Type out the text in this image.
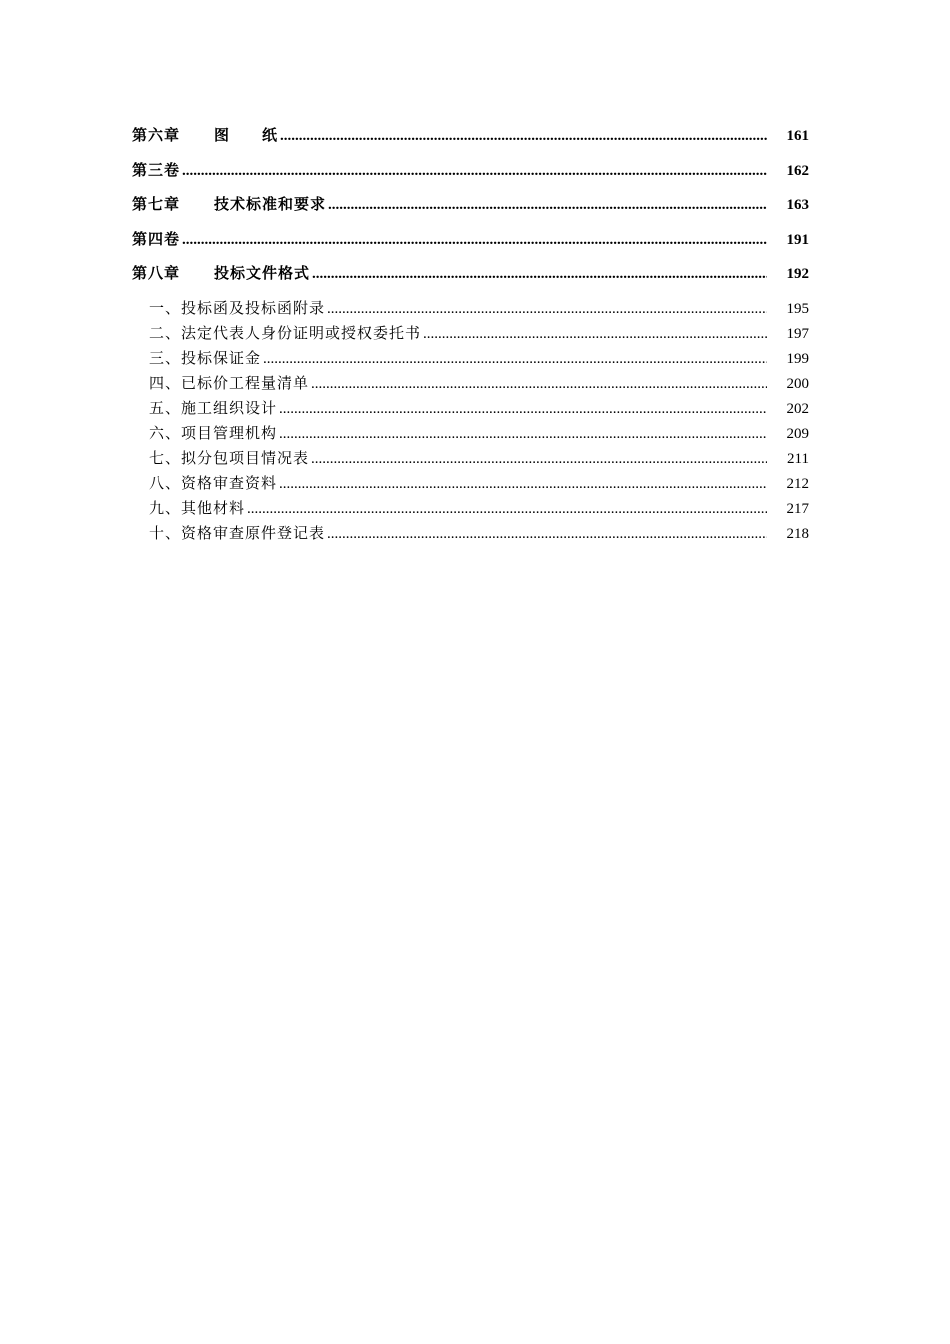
第六章 图　　纸 .....	161
第三卷 .....	162
第七章 技术标准和要求 .....	163
第四卷 .....	191
第八章 投标文件格式 .....	192
一、投标函及投标函附录 .....	195
二、法定代表人身份证明或授权委托书 .....	197
三、投标保证金 .....	199
四、已标价工程量清单 .....	200
五、施工组织设计 .....	202
六、项目管理机构 .....	209
七、拟分包项目情况表 .....	211
八、资格审查资料 .....	212
九、其他材料 .....	217
十、资格审查原件登记表 .....	218
